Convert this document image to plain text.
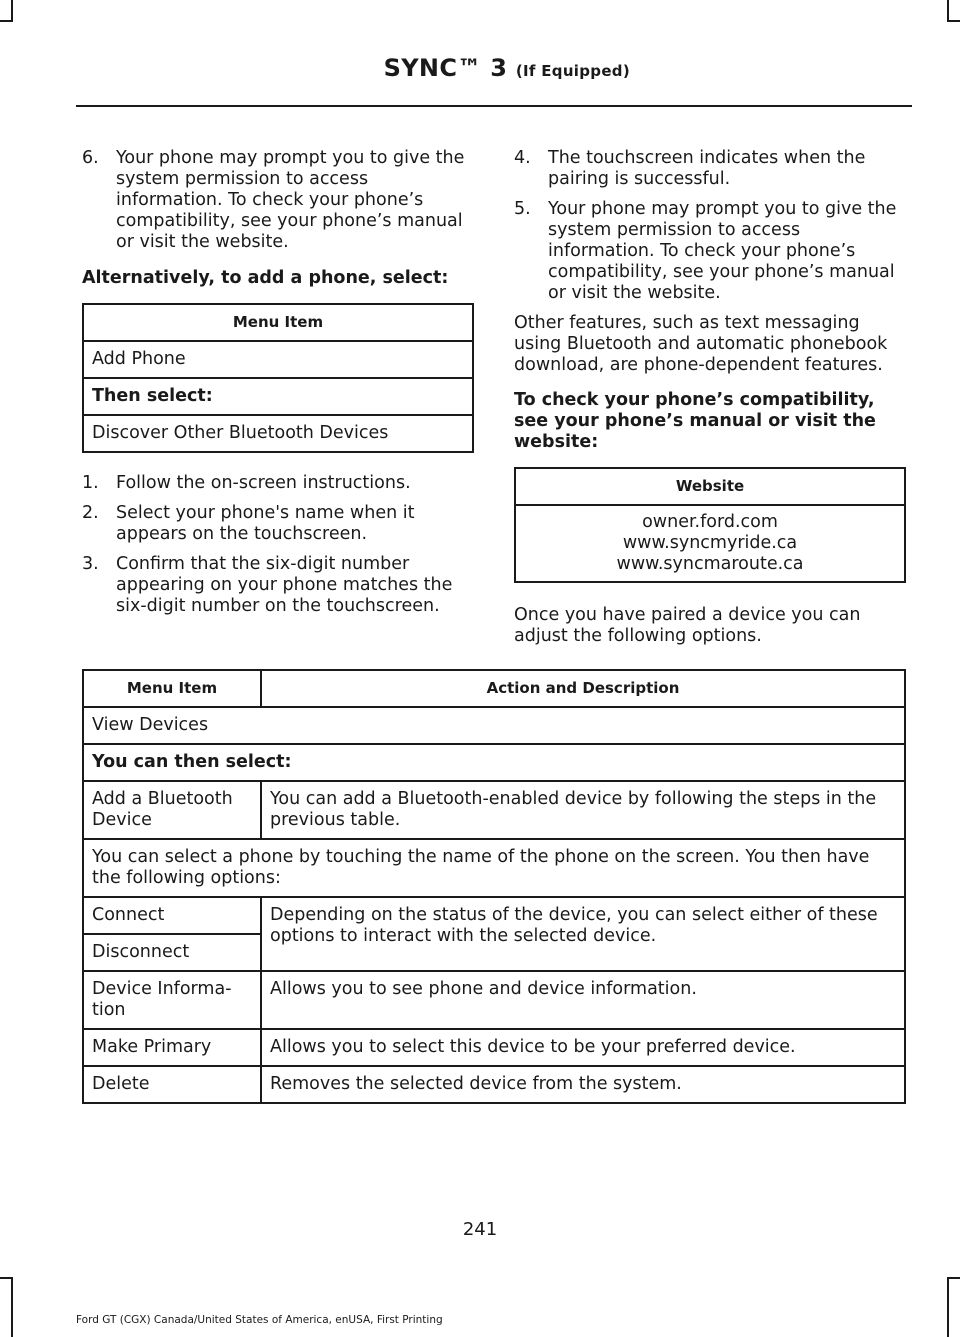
SYNC™ 3 (If Equipped)
6. Your phone may prompt you to give the system permission to access information. To check your phone’s compatibility, see your phone’s manual or visit the website.

Alternatively, to add a phone, select:

Menu Item
Add Phone
Then select:
Discover Other Bluetooth Devices
1. Follow the on-screen instructions.
2. Select your phone's name when it appears on the touchscreen.
3. Confirm that the six-digit number appearing on your phone matches the six-digit number on the touchscreen.
4. The touchscreen indicates when the pairing is successful.
5. Your phone may prompt you to give the system permission to access information. To check your phone’s compatibility, see your phone’s manual or visit the website.

Other features, such as text messaging using Bluetooth and automatic phonebook download, are phone-dependent features.

To check your phone’s compatibility, see your phone’s manual or visit the website:

Website

owner.ford.com
www.syncmyride.ca
www.syncmaroute.ca

Once you have paired a device you can adjust the following options.

Menu Item	Action and Description
View Devices	
You can then select:	
Add a Bluetooth Device	You can add a Bluetooth-enabled device by following the steps in the previous table.
You can select a phone by touching the name of the phone on the screen. You then have the following options:	
Connect	Depending on the status of the device, you can select either of these options to interact with the selected device.
Disconnect	
Device Informa-tion	Allows you to see phone and device information.
Make Primary	Allows you to select this device to be your preferred device.
Delete	Removes the selected device from the system.
241
Ford GT (CGX) Canada/United States of America, enUSA, First Printing
